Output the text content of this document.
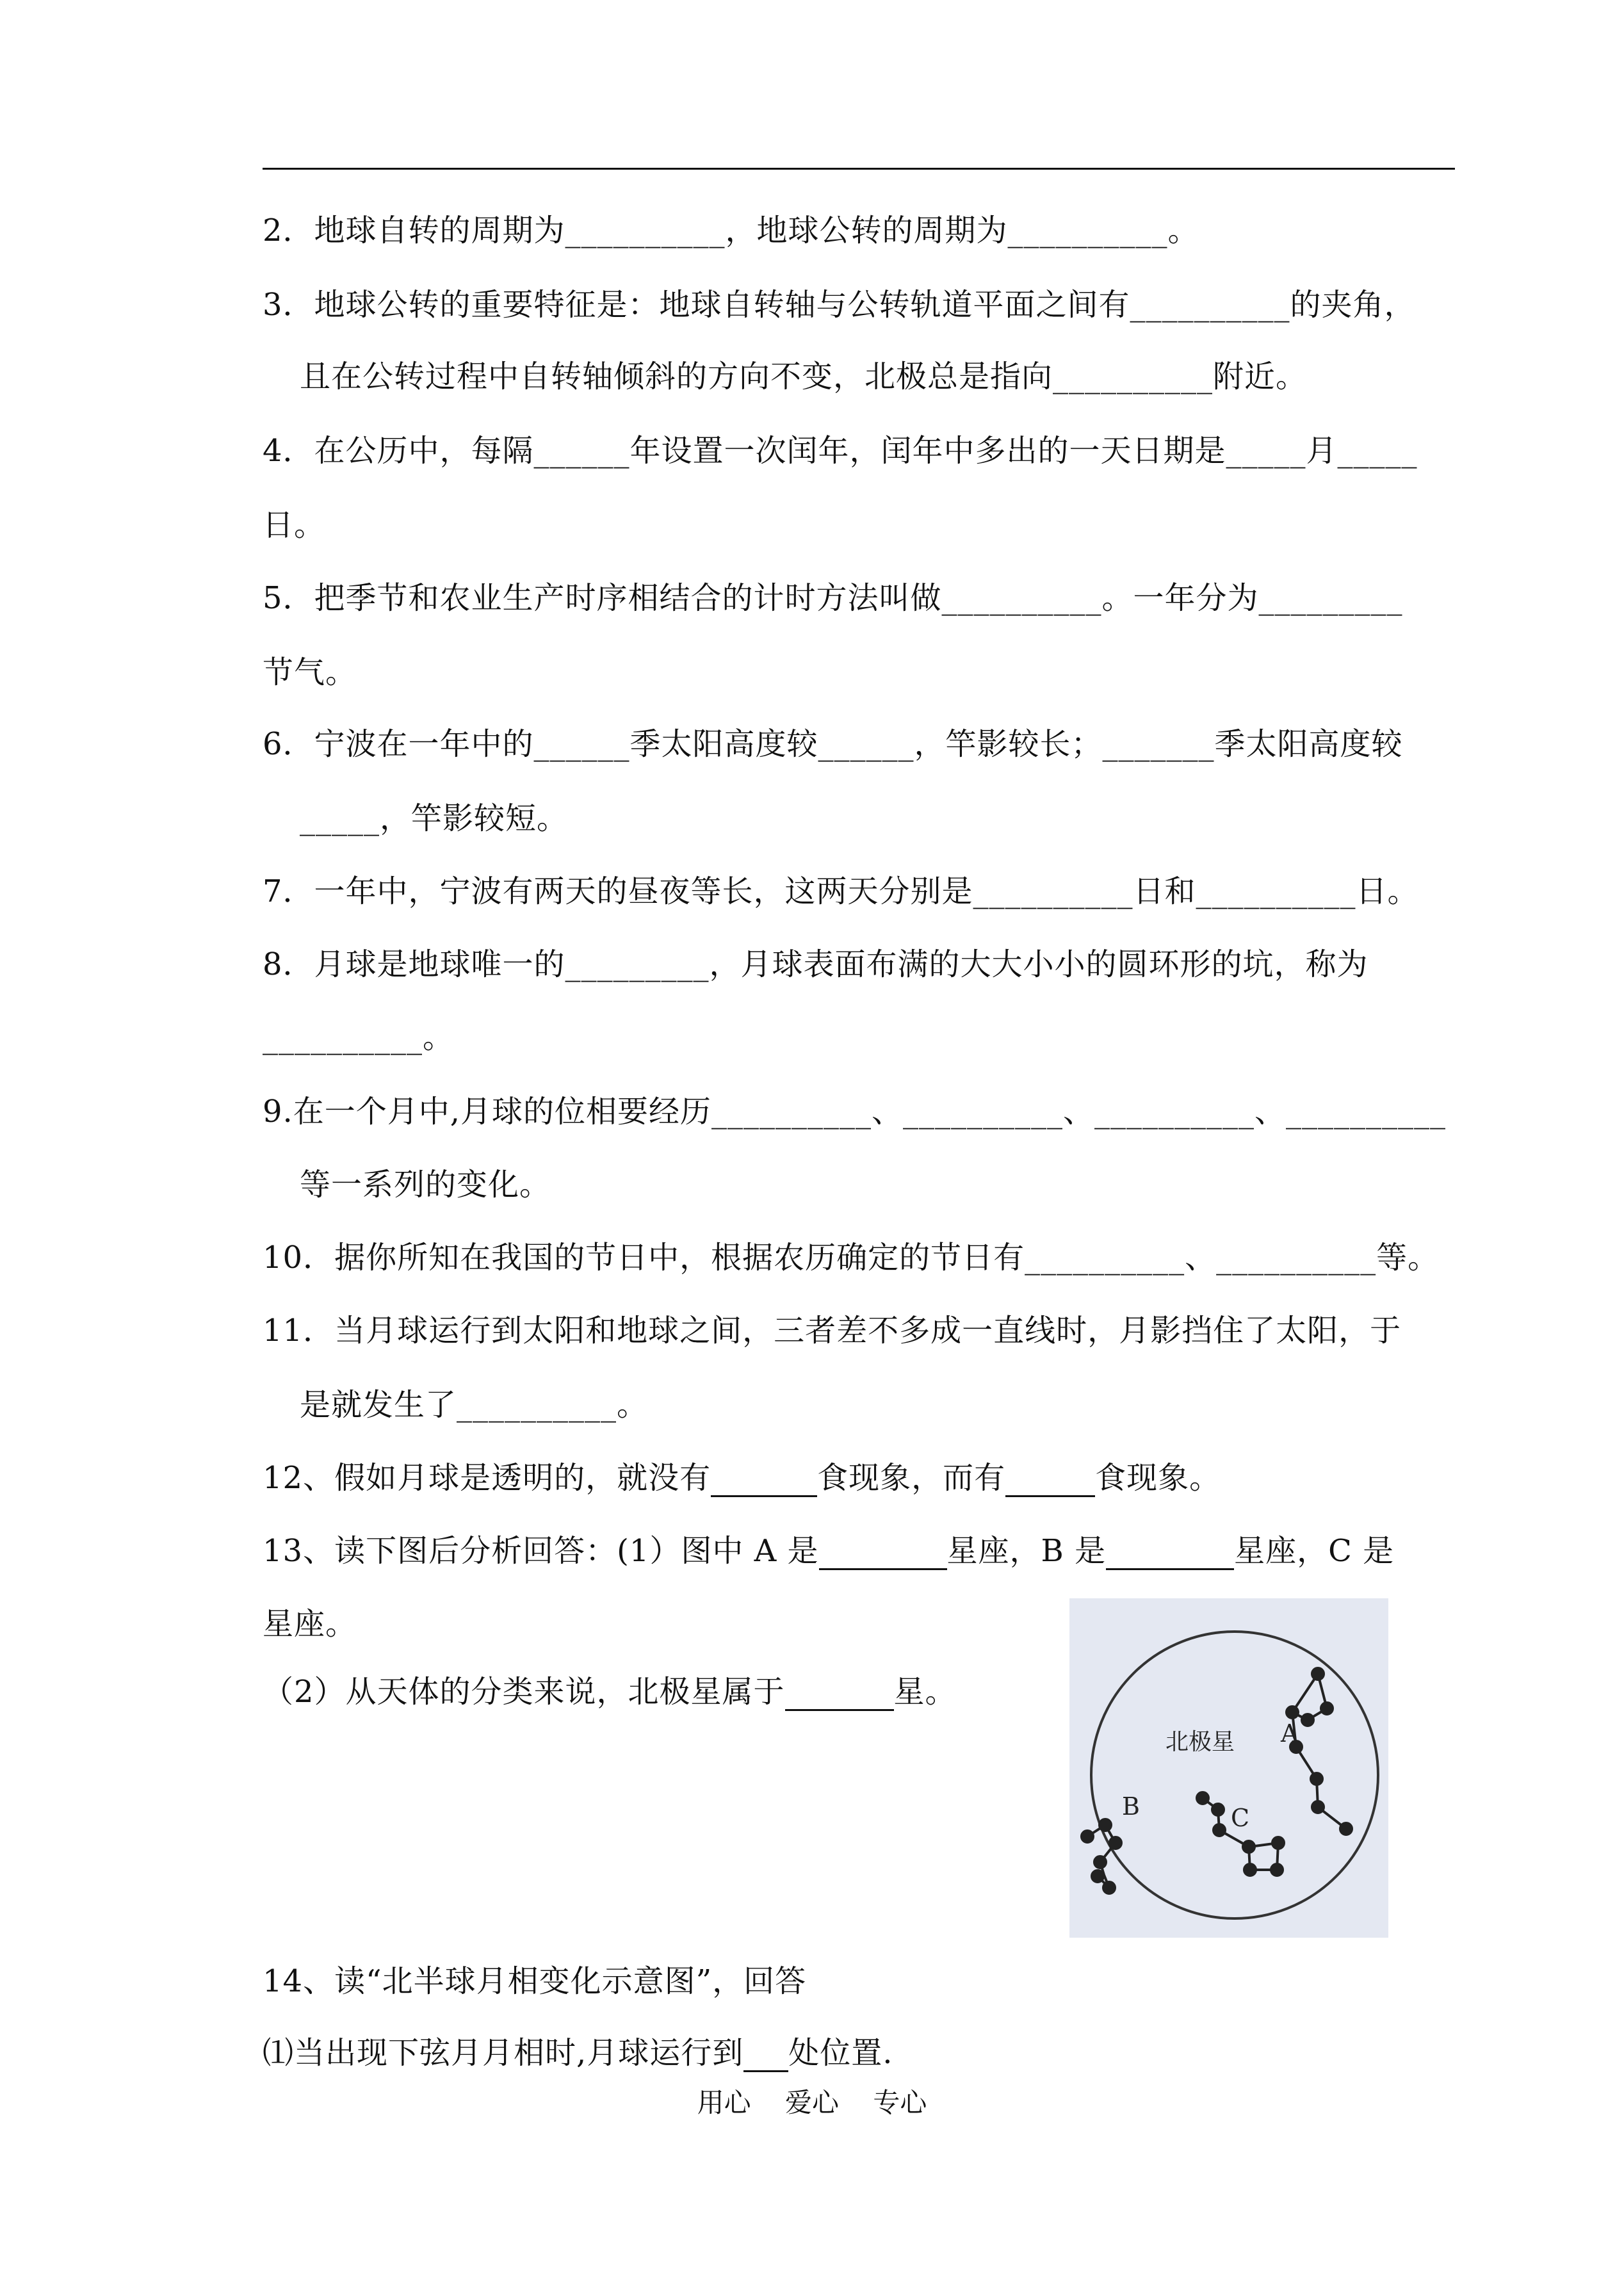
2．地球自转的周期为__________，地球公转的周期为__________。
3．地球公转的重要特征是：地球自转轴与公转轨道平面之间有__________的夹角，
且在公转过程中自转轴倾斜的方向不变，北极总是指向__________附近。
4．在公历中，每隔______年设置一次闰年，闰年中多出的一天日期是_____月_____
日。
5．把季节和农业生产时序相结合的计时方法叫做__________。一年分为_________
节气。
6．宁波在一年中的______季太阳高度较______，竿影较长；_______季太阳高度较
_____，竿影较短。
7．一年中，宁波有两天的昼夜等长，这两天分别是__________日和__________日。
8．月球是地球唯一的_________，月球表面布满的大大小小的圆环形的坑，称为
__________。
9.在一个月中,月球的位相要经历__________、__________、__________、__________
等一系列的变化。
10．据你所知在我国的节日中，根据农历确定的节日有__________、__________等。
11．当月球运行到太阳和地球之间，三者差不多成一直线时，月影挡住了太阳，于
是就发生了__________。
12、假如月球是透明的，就没有	食现象，而有	食现象。
13、读下图后分析回答：(1）图中 A 是	星座，B 是	星座，C 是
星座。
（2）从天体的分类来说，北极星属于	星。
北极星 A
B	C
14、读“北半球月相变化示意图”，回答
⑴当出现下弦月月相时,月球运行到 处位置.
用心    爱心    专心
